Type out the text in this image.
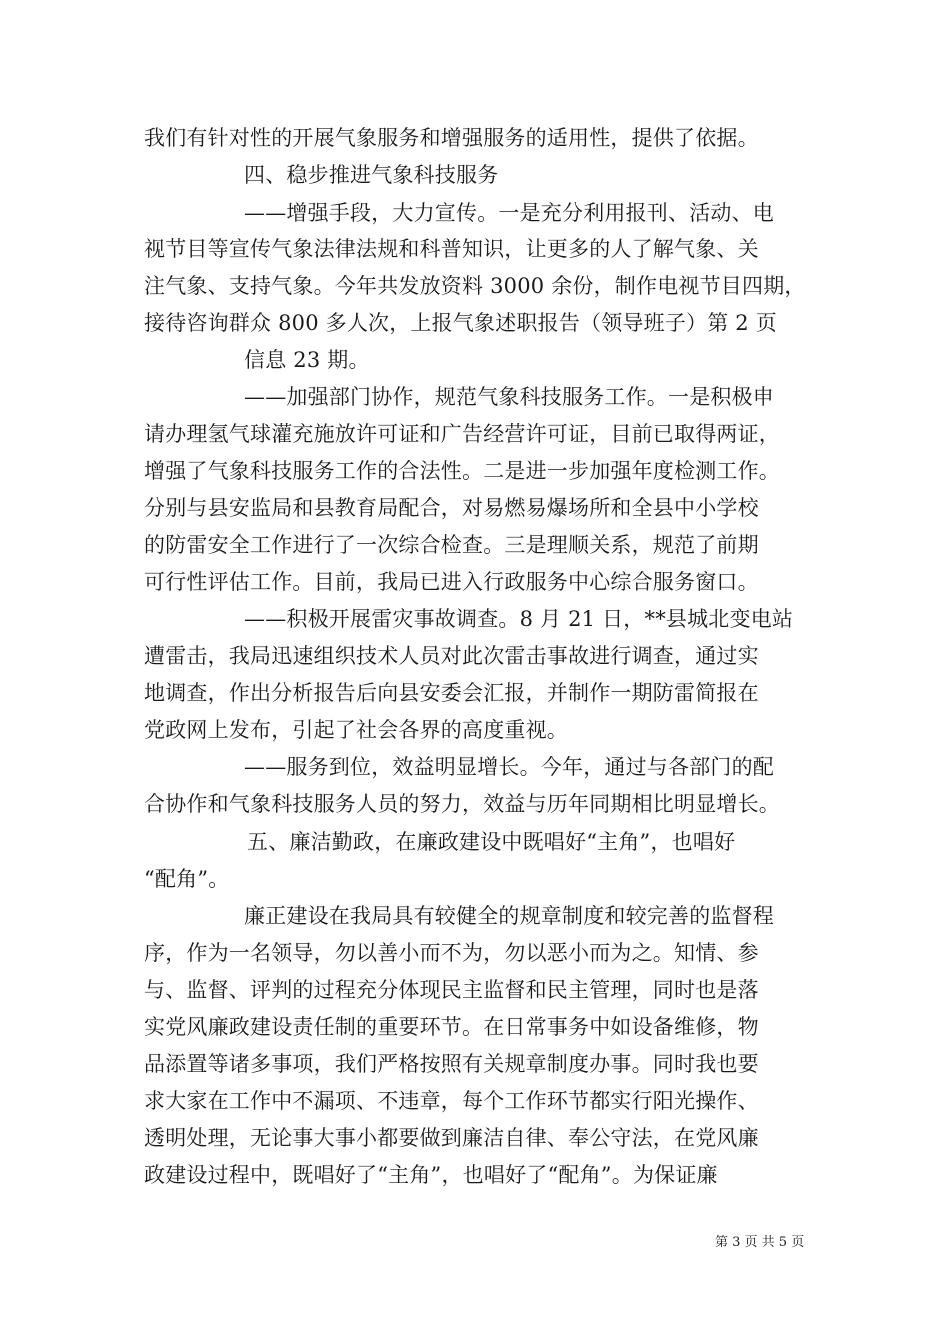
我们有针对性的开展气象服务和增强服务的适用性，提供了依据。
四、稳步推进气象科技服务
——增强手段，大力宣传。一是充分利用报刊、活动、电
视节目等宣传气象法律法规和科普知识，让更多的人了解气象、关
注气象、支持气象。今年共发放资料 3000 余份，制作电视节目四期，
接待咨询群众 800 多人次，上报气象述职报告（领导班子）第 2 页
信息 23 期。
——加强部门协作，规范气象科技服务工作。一是积极申
请办理氢气球灌充施放许可证和广告经营许可证，目前已取得两证，
增强了气象科技服务工作的合法性。二是进一步加强年度检测工作。
分别与县安监局和县教育局配合，对易燃易爆场所和全县中小学校
的防雷安全工作进行了一次综合检查。三是理顺关系，规范了前期
可行性评估工作。目前，我局已进入行政服务中心综合服务窗口。
——积极开展雷灾事故调查。8 月 21 日，**县城北变电站
遭雷击，我局迅速组织技术人员对此次雷击事故进行调查，通过实
地调查，作出分析报告后向县安委会汇报，并制作一期防雷简报在
党政网上发布，引起了社会各界的高度重视。
——服务到位，效益明显增长。今年，通过与各部门的配
合协作和气象科技服务人员的努力，效益与历年同期相比明显增长。
五、廉洁勤政，在廉政建设中既唱好“主角”，也唱好
“配角”。
廉正建设在我局具有较健全的规章制度和较完善的监督程
序，作为一名领导，勿以善小而不为，勿以恶小而为之。知情、参
与、监督、评判的过程充分体现民主监督和民主管理，同时也是落
实党风廉政建设责任制的重要环节。在日常事务中如设备维修，物
品添置等诸多事项，我们严格按照有关规章制度办事。同时我也要
求大家在工作中不漏项、不违章，每个工作环节都实行阳光操作、
透明处理，无论事大事小都要做到廉洁自律、奉公守法，在党风廉
政建设过程中，既唱好了“主角”，也唱好了“配角”。为保证廉
第 3 页 共 5 页
